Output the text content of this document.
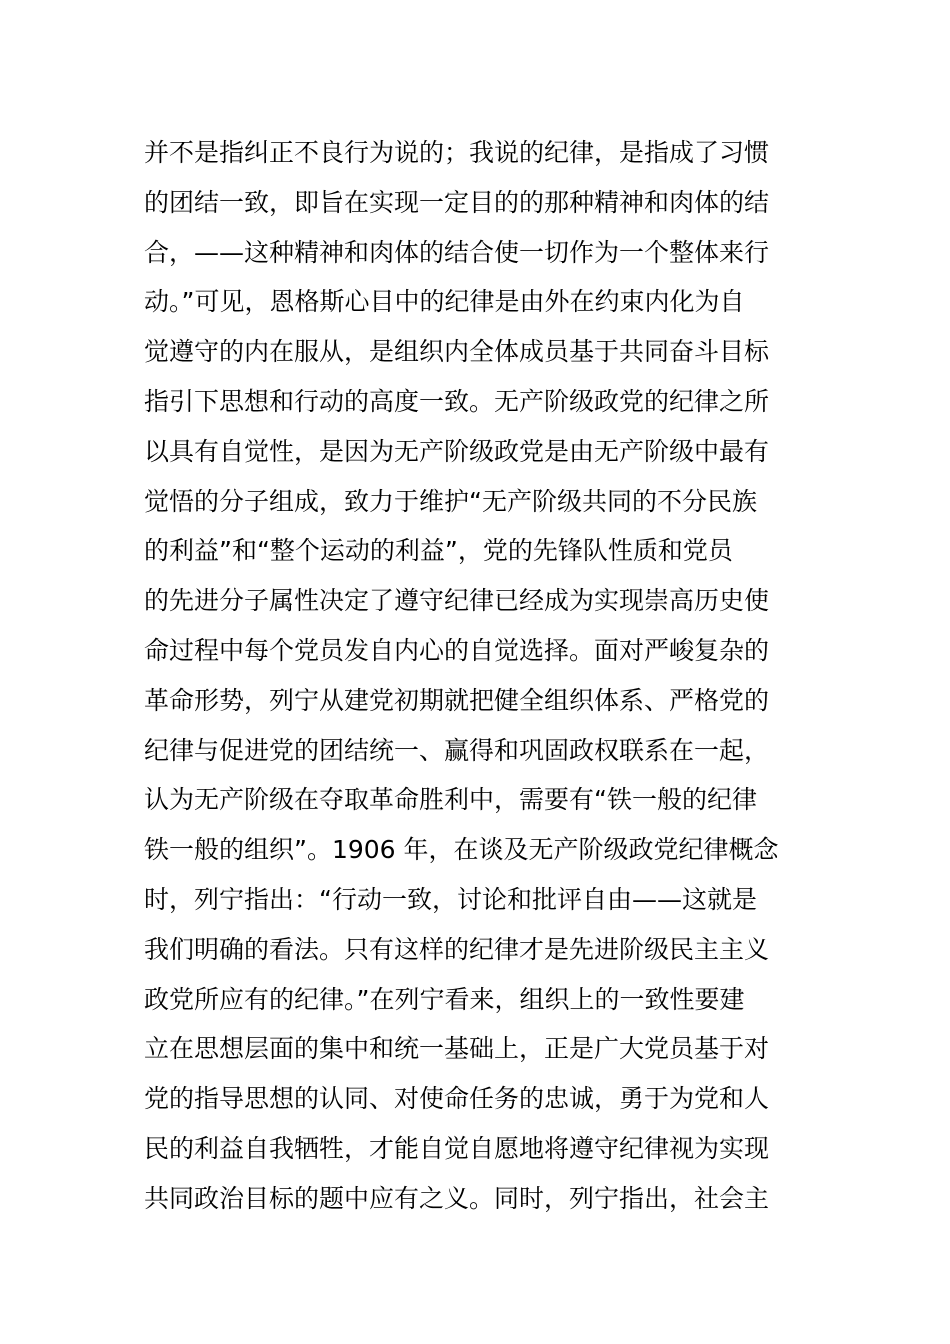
并不是指纠正不良行为说的；我说的纪律，是指成了习惯
的团结一致，即旨在实现一定目的的那种精神和肉体的结
合，——这种精神和肉体的结合使一切作为一个整体来行
动。”可见，恩格斯心目中的纪律是由外在约束内化为自
觉遵守的内在服从，是组织内全体成员基于共同奋斗目标
指引下思想和行动的高度一致。无产阶级政党的纪律之所
以具有自觉性，是因为无产阶级政党是由无产阶级中最有
觉悟的分子组成，致力于维护“无产阶级共同的不分民族
的利益”和“整个运动的利益”，党的先锋队性质和党员
的先进分子属性决定了遵守纪律已经成为实现崇高历史使
命过程中每个党员发自内心的自觉选择。面对严峻复杂的
革命形势，列宁从建党初期就把健全组织体系、严格党的
纪律与促进党的团结统一、赢得和巩固政权联系在一起，
认为无产阶级在夺取革命胜利中，需要有“铁一般的纪律
铁一般的组织”。1906 年，在谈及无产阶级政党纪律概念
时，列宁指出：“行动一致，讨论和批评自由——这就是
我们明确的看法。只有这样的纪律才是先进阶级民主主义
政党所应有的纪律。”在列宁看来，组织上的一致性要建
立在思想层面的集中和统一基础上，正是广大党员基于对
党的指导思想的认同、对使命任务的忠诚，勇于为党和人
民的利益自我牺牲，才能自觉自愿地将遵守纪律视为实现
共同政治目标的题中应有之义。同时，列宁指出，社会主
